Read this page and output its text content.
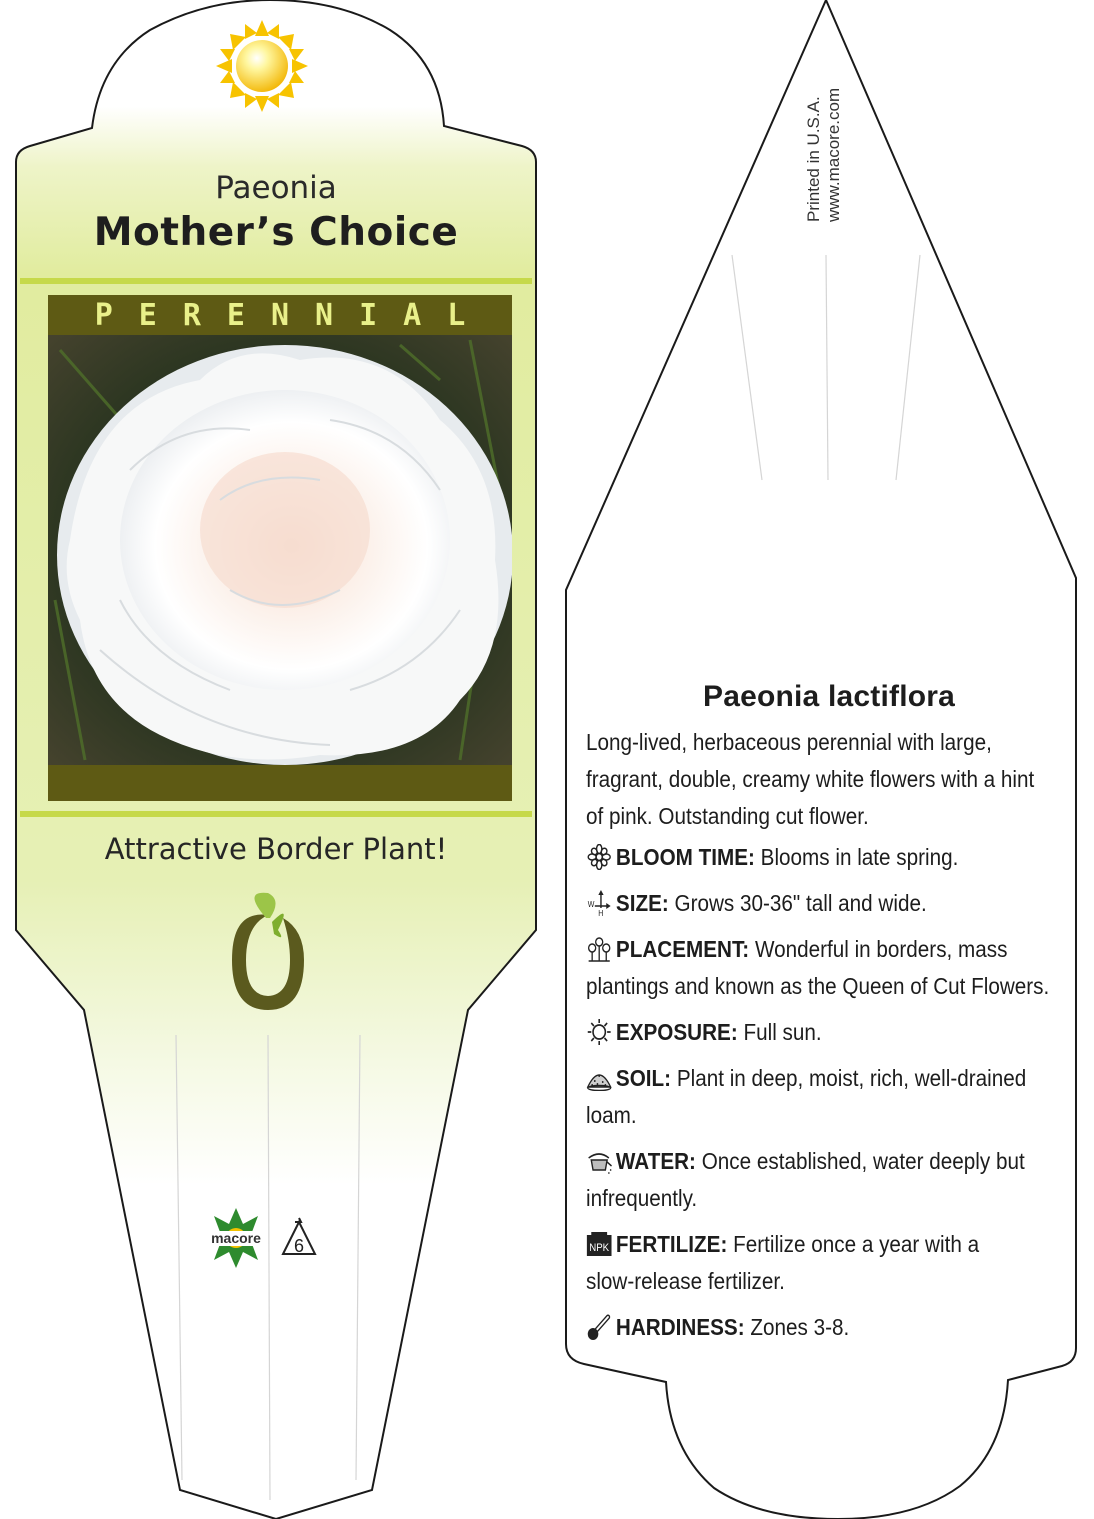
macore 6
Paeonia
Mother’s Choice
PERENNIAL
Attractive Border Plant!
Printed in U.S.A. www.macore.com
Paeonia lactiflora
Long-lived, herbaceous perennial with large,
fragrant, double, creamy white flowers with a hint
of pink. Outstanding cut flower.
BLOOM TIME: Blooms in late spring.
W
H SIZE: Grows 30-36" tall and wide.
PLACEMENT: Wonderful in borders, mass
plantings and known as the Queen of Cut Flowers.
EXPOSURE: Full sun.
SOIL: Plant in deep, moist, rich, well-drained
loam.
WATER: Once established, water deeply but
infrequently.
NPK FERTILIZE: Fertilize once a year with a
slow-release fertilizer.
HARDINESS: Zones 3-8.
